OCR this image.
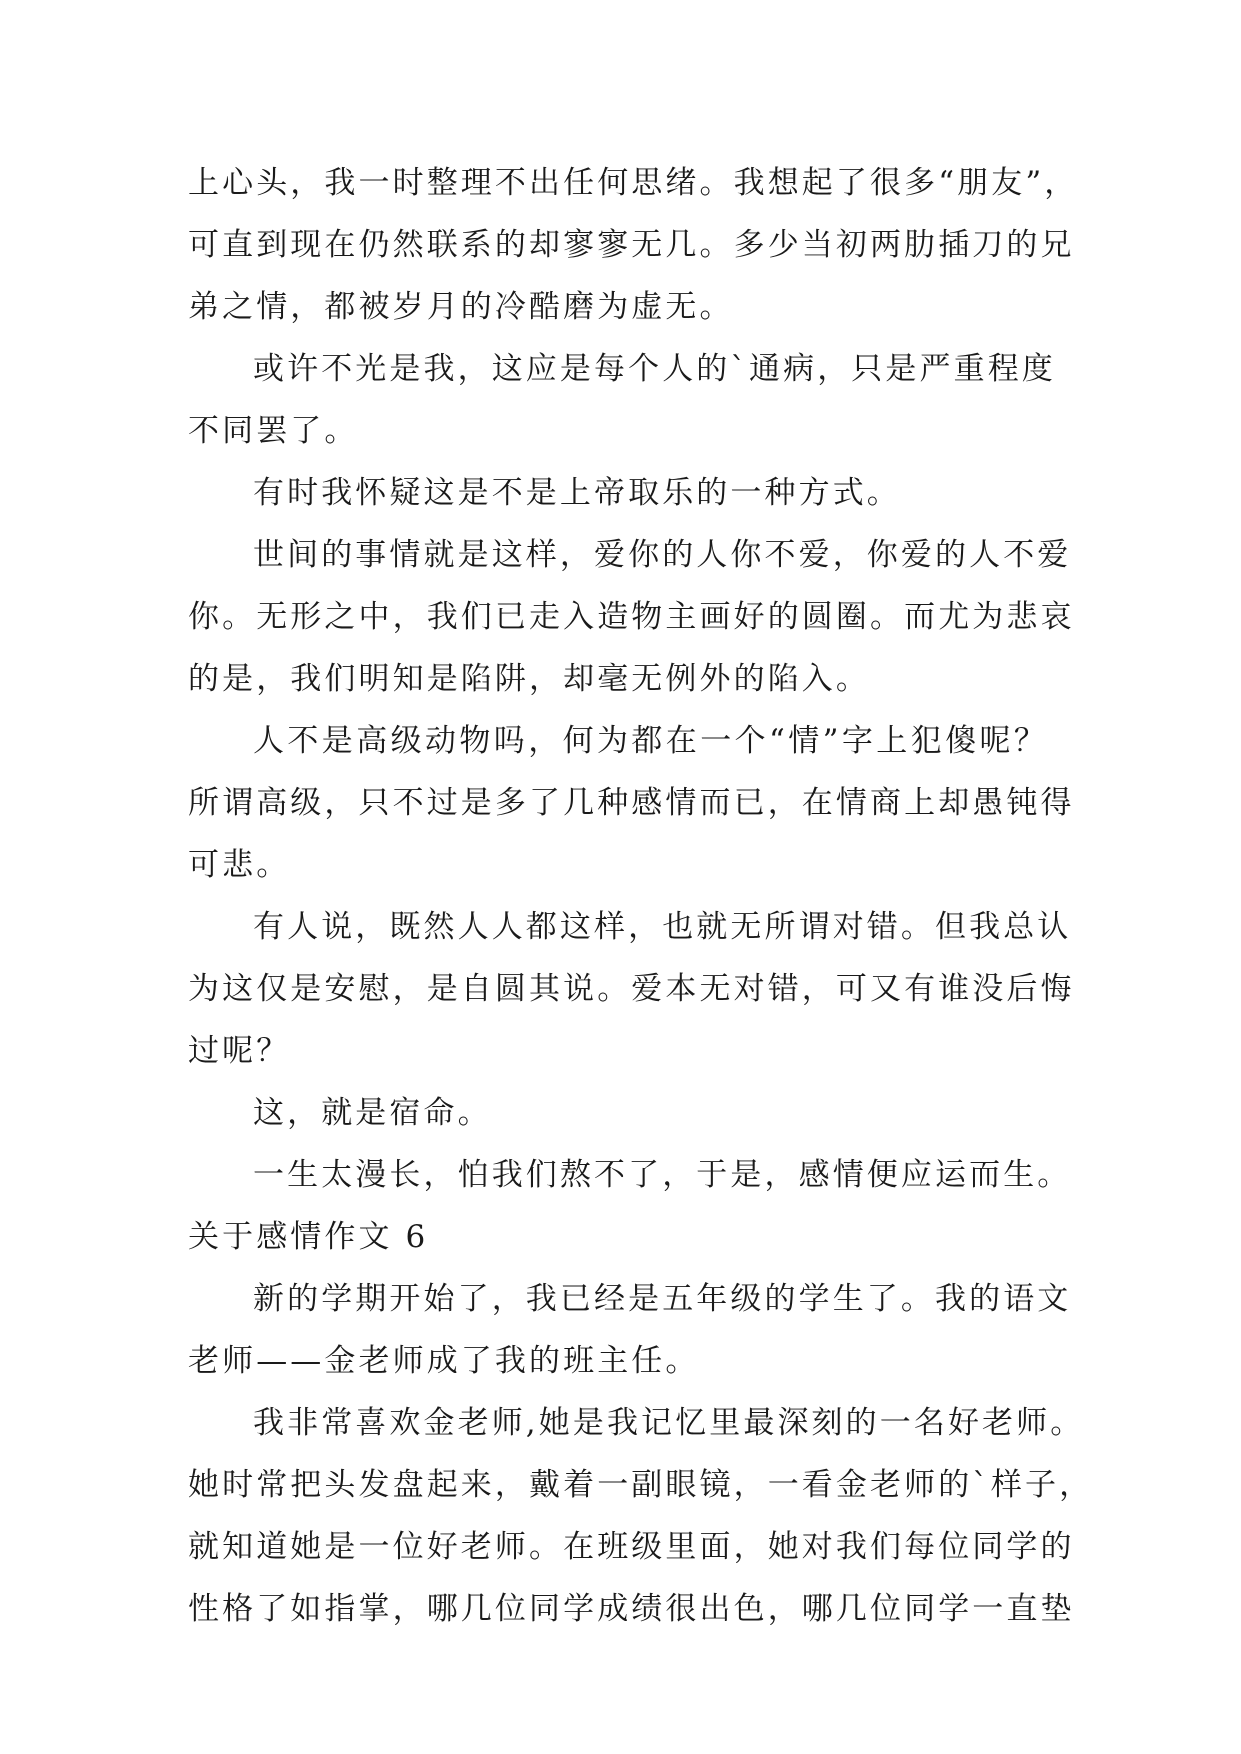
上心头，我一时整理不出任何思绪。我想起了很多“朋友”，
可直到现在仍然联系的却寥寥无几。多少当初两肋插刀的兄
弟之情，都被岁月的冷酷磨为虚无。
或许不光是我，这应是每个人的`通病，只是严重程度
不同罢了。
有时我怀疑这是不是上帝取乐的一种方式。
世间的事情就是这样，爱你的人你不爱，你爱的人不爱
你。无形之中，我们已走入造物主画好的圆圈。而尤为悲哀
的是，我们明知是陷阱，却毫无例外的陷入。
人不是高级动物吗，何为都在一个“情”字上犯傻呢？
所谓高级，只不过是多了几种感情而已，在情商上却愚钝得
可悲。
有人说，既然人人都这样，也就无所谓对错。但我总认
为这仅是安慰，是自圆其说。爱本无对错，可又有谁没后悔
过呢？
这，就是宿命。
一生太漫长，怕我们熬不了，于是，感情便应运而生。
关于感情作文 6
新的学期开始了，我已经是五年级的学生了。我的语文
老师——金老师成了我的班主任。
我非常喜欢金老师,她是我记忆里最深刻的一名好老师。
她时常把头发盘起来，戴着一副眼镜，一看金老师的`样子，
就知道她是一位好老师。在班级里面，她对我们每位同学的
性格了如指掌，哪几位同学成绩很出色，哪几位同学一直垫
